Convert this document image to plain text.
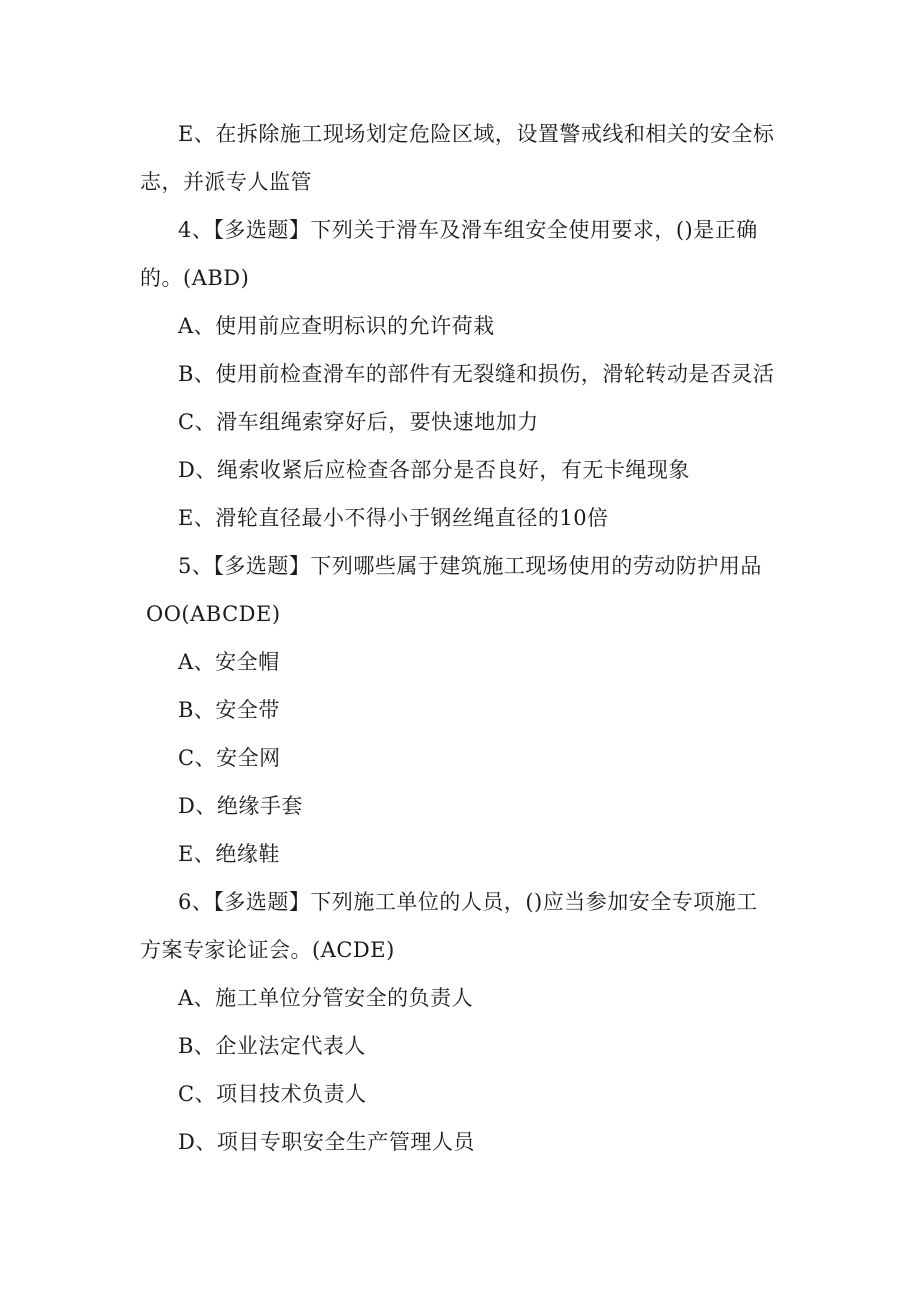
E、在拆除施工现场划定危险区域，设置警戒线和相关的安全标
志，并派专人监管
4、【多选题】下列关于滑车及滑车组安全使用要求，()是正确
的。(ABD)
A、使用前应查明标识的允许荷栽
B、使用前检查滑车的部件有无裂缝和损伤，滑轮转动是否灵活
C、滑车组绳索穿好后，要快速地加力
D、绳索收紧后应检查各部分是否良好，有无卡绳现象
E、滑轮直径最小不得小于钢丝绳直径的10倍
5、【多选题】下列哪些属于建筑施工现场使用的劳动防护用品
OO(ABCDE)
A、安全帽
B、安全带
C、安全网
D、绝缘手套
E、绝缘鞋
6、【多选题】下列施工单位的人员，()应当参加安全专项施工
方案专家论证会。(ACDE)
A、施工单位分管安全的负责人
B、企业法定代表人
C、项目技术负责人
D、项目专职安全生产管理人员
